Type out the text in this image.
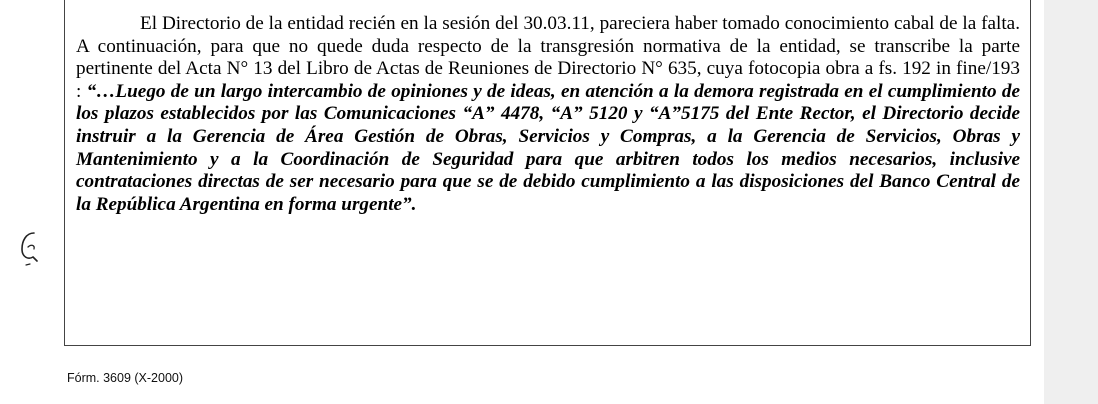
El Directorio de la entidad recién en la sesión del 30.03.11, pareciera haber tomado conocimiento cabal de la falta. A continuación, para que no quede duda respecto de la transgresión normativa de la entidad, se transcribe la parte pertinente del Acta N° 13 del Libro de Actas de Reuniones de Directorio N° 635, cuya fotocopia obra a fs. 192 in fine/193 : “…Luego de un largo intercambio de opiniones y de ideas, en atención a la demora registrada en el cumplimiento de los plazos establecidos por las Comunicaciones “A” 4478, “A” 5120 y “A”5175 del Ente Rector, el Directorio decide instruir a la Gerencia de Área Gestión de Obras, Servicios y Compras, a la Gerencia de Servicios, Obras y Mantenimiento y a la Coordinación de Seguridad para que arbitren todos los medios necesarios, inclusive contrataciones directas de ser necesario para que se de debido cumplimiento a las disposiciones del Banco Central de la República Argentina en forma urgente”.

Fórm. 3609 (X-2000)
